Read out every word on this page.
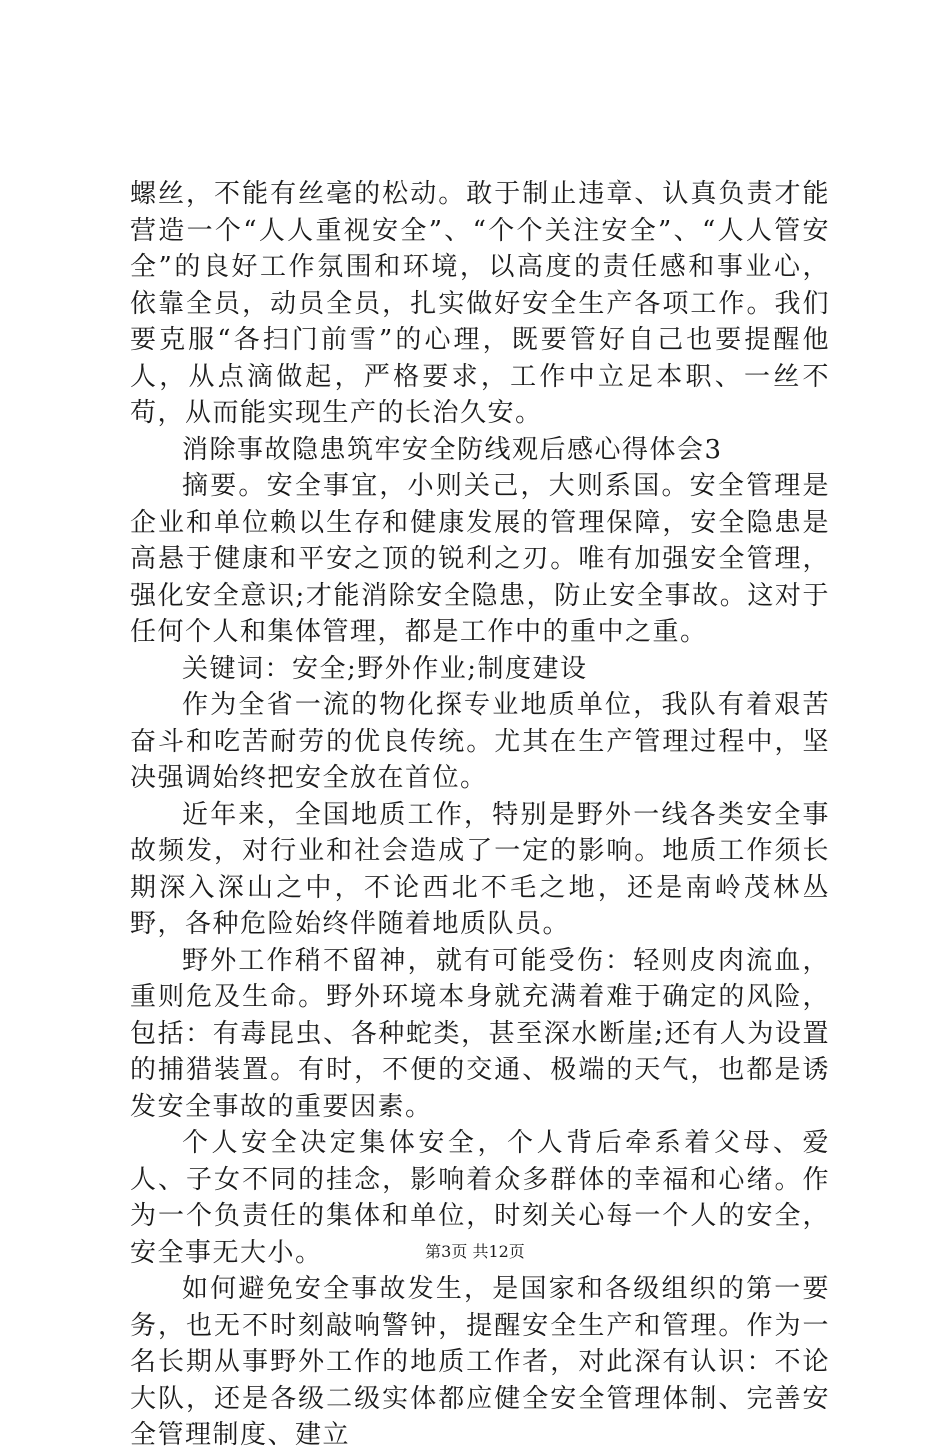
螺丝，不能有丝毫的松动。敢于制止违章、认真负责才能营造一个“人人重视安全”、“个个关注安全”、“人人管安全”的良好工作氛围和环境，以高度的责任感和事业心，依靠全员，动员全员，扎实做好安全生产各项工作。我们要克服“各扫门前雪”的心理，既要管好自己也要提醒他人，从点滴做起，严格要求，工作中立足本职、一丝不苟，从而能实现生产的长治久安。

消除事故隐患筑牢安全防线观后感心得体会3

摘要。安全事宜，小则关己，大则系国。安全管理是企业和单位赖以生存和健康发展的管理保障，安全隐患是高悬于健康和平安之顶的锐利之刃。唯有加强安全管理，强化安全意识;才能消除安全隐患，防止安全事故。这对于任何个人和集体管理，都是工作中的重中之重。

关键词：安全;野外作业;制度建设

作为全省一流的物化探专业地质单位，我队有着艰苦奋斗和吃苦耐劳的优良传统。尤其在生产管理过程中，坚决强调始终把安全放在首位。

近年来，全国地质工作，特别是野外一线各类安全事故频发，对行业和社会造成了一定的影响。地质工作须长期深入深山之中，不论西北不毛之地，还是南岭茂林丛野，各种危险始终伴随着地质队员。

野外工作稍不留神，就有可能受伤：轻则皮肉流血，重则危及生命。野外环境本身就充满着难于确定的风险，包括：有毒昆虫、各种蛇类，甚至深水断崖;还有人为设置的捕猎装置。有时，不便的交通、极端的天气，也都是诱发安全事故的重要因素。

个人安全决定集体安全，个人背后牵系着父母、爱人、子女不同的挂念，影响着众多群体的幸福和心绪。作为一个负责任的集体和单位，时刻关心每一个人的安全，安全事无大小。

如何避免安全事故发生，是国家和各级组织的第一要务，也无不时刻敲响警钟，提醒安全生产和管理。作为一名长期从事野外工作的地质工作者，对此深有认识：不论大队，还是各级二级实体都应健全安全管理体制、完善安全管理制度、建立

第3页 共12页
